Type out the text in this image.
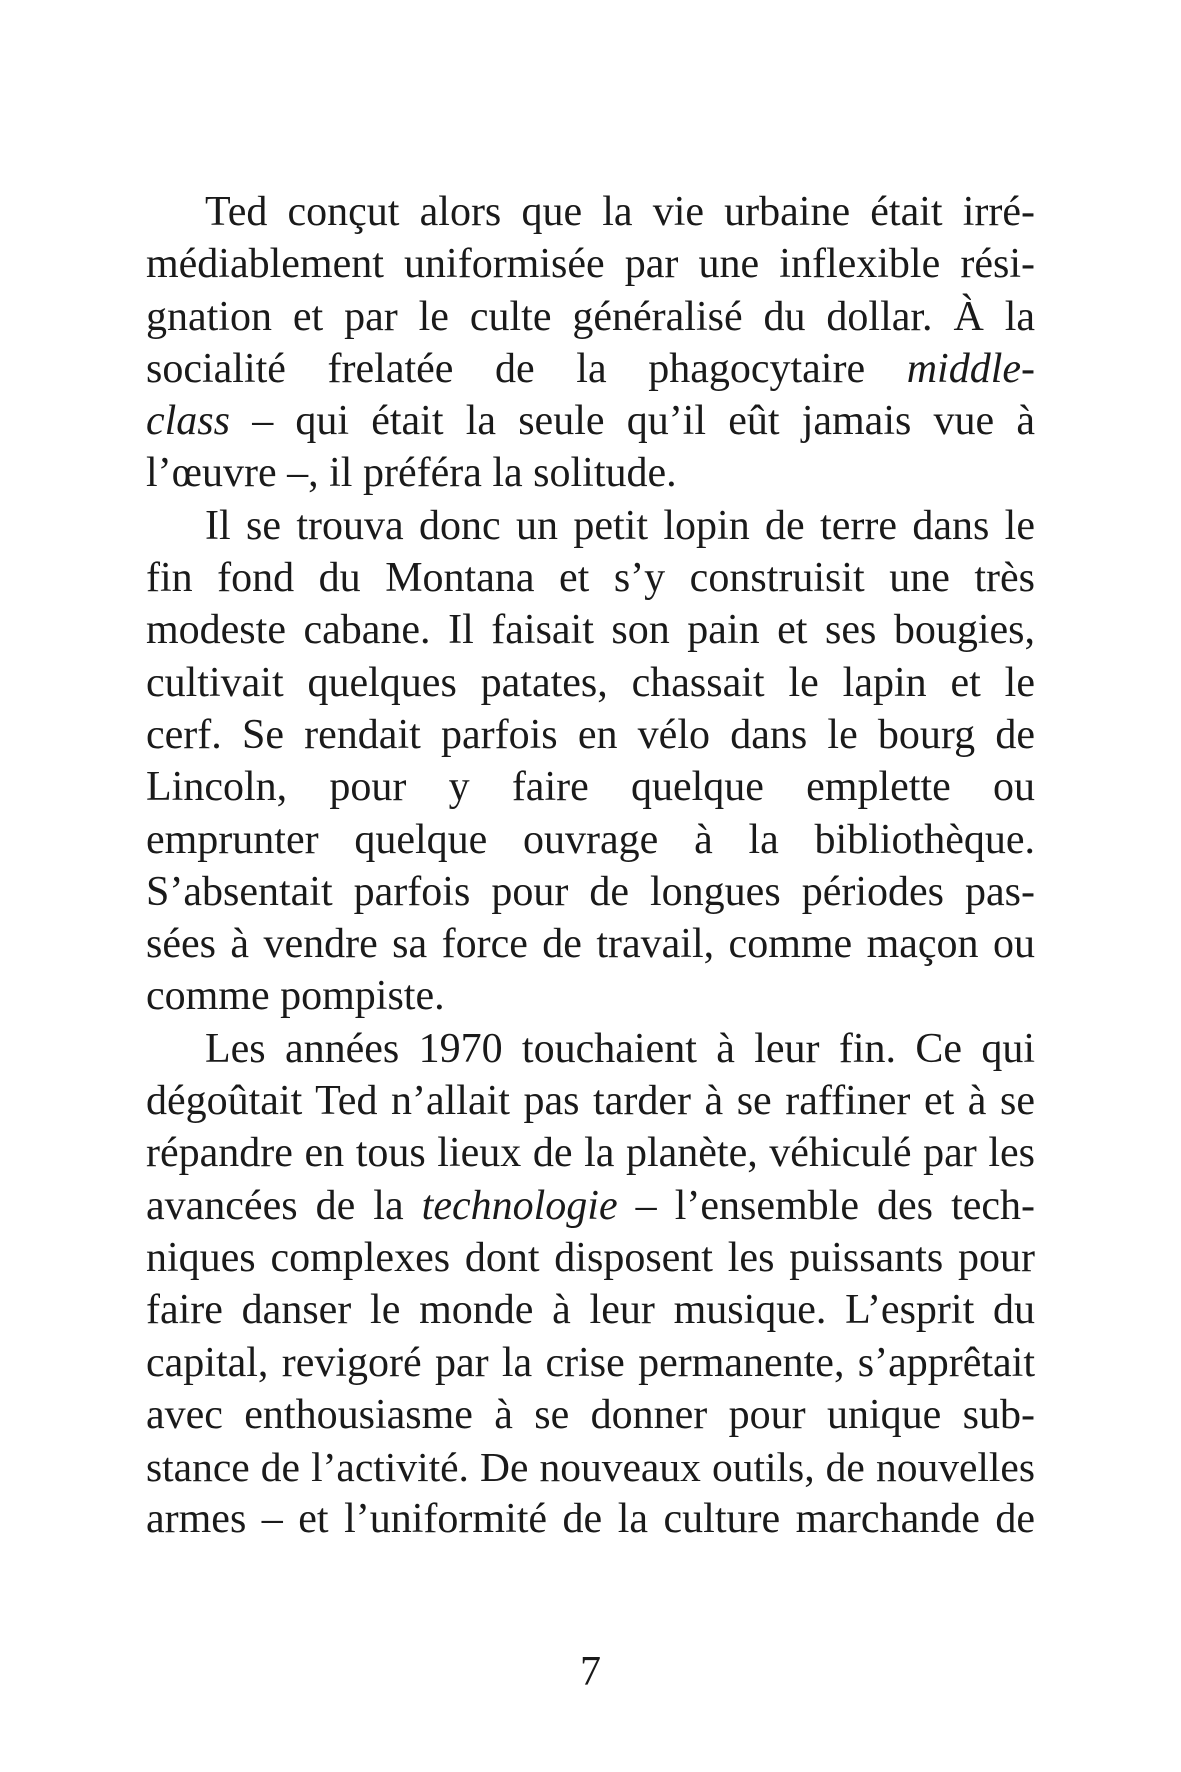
Ted conçut alors que la vie urbaine était irré-
médiablement uniformisée par une inflexible rési-
gnation et par le culte généralisé du dollar. À la
socialité frelatée de la phagocytaire middle-
class – qui était la seule qu’il eût jamais vue à
l’œuvre –, il préféra la solitude.
Il se trouva donc un petit lopin de terre dans le
fin fond du Montana et s’y construisit une très
modeste cabane. Il faisait son pain et ses bougies,
cultivait quelques patates, chassait le lapin et le
cerf. Se rendait parfois en vélo dans le bourg de
Lincoln, pour y faire quelque emplette ou
emprunter quelque ouvrage à la bibliothèque.
S’absentait parfois pour de longues périodes pas-
sées à vendre sa force de travail, comme maçon ou
comme pompiste.
Les années 1970 touchaient à leur fin. Ce qui
dégoûtait Ted n’allait pas tarder à se raffiner et à se
répandre en tous lieux de la planète, véhiculé par les
avancées de la technologie – l’ensemble des tech-
niques complexes dont disposent les puissants pour
faire danser le monde à leur musique. L’esprit du
capital, revigoré par la crise permanente, s’apprêtait
avec enthousiasme à se donner pour unique sub-
stance de l’activité. De nouveaux outils, de nouvelles
armes – et l’uniformité de la culture marchande de
7
